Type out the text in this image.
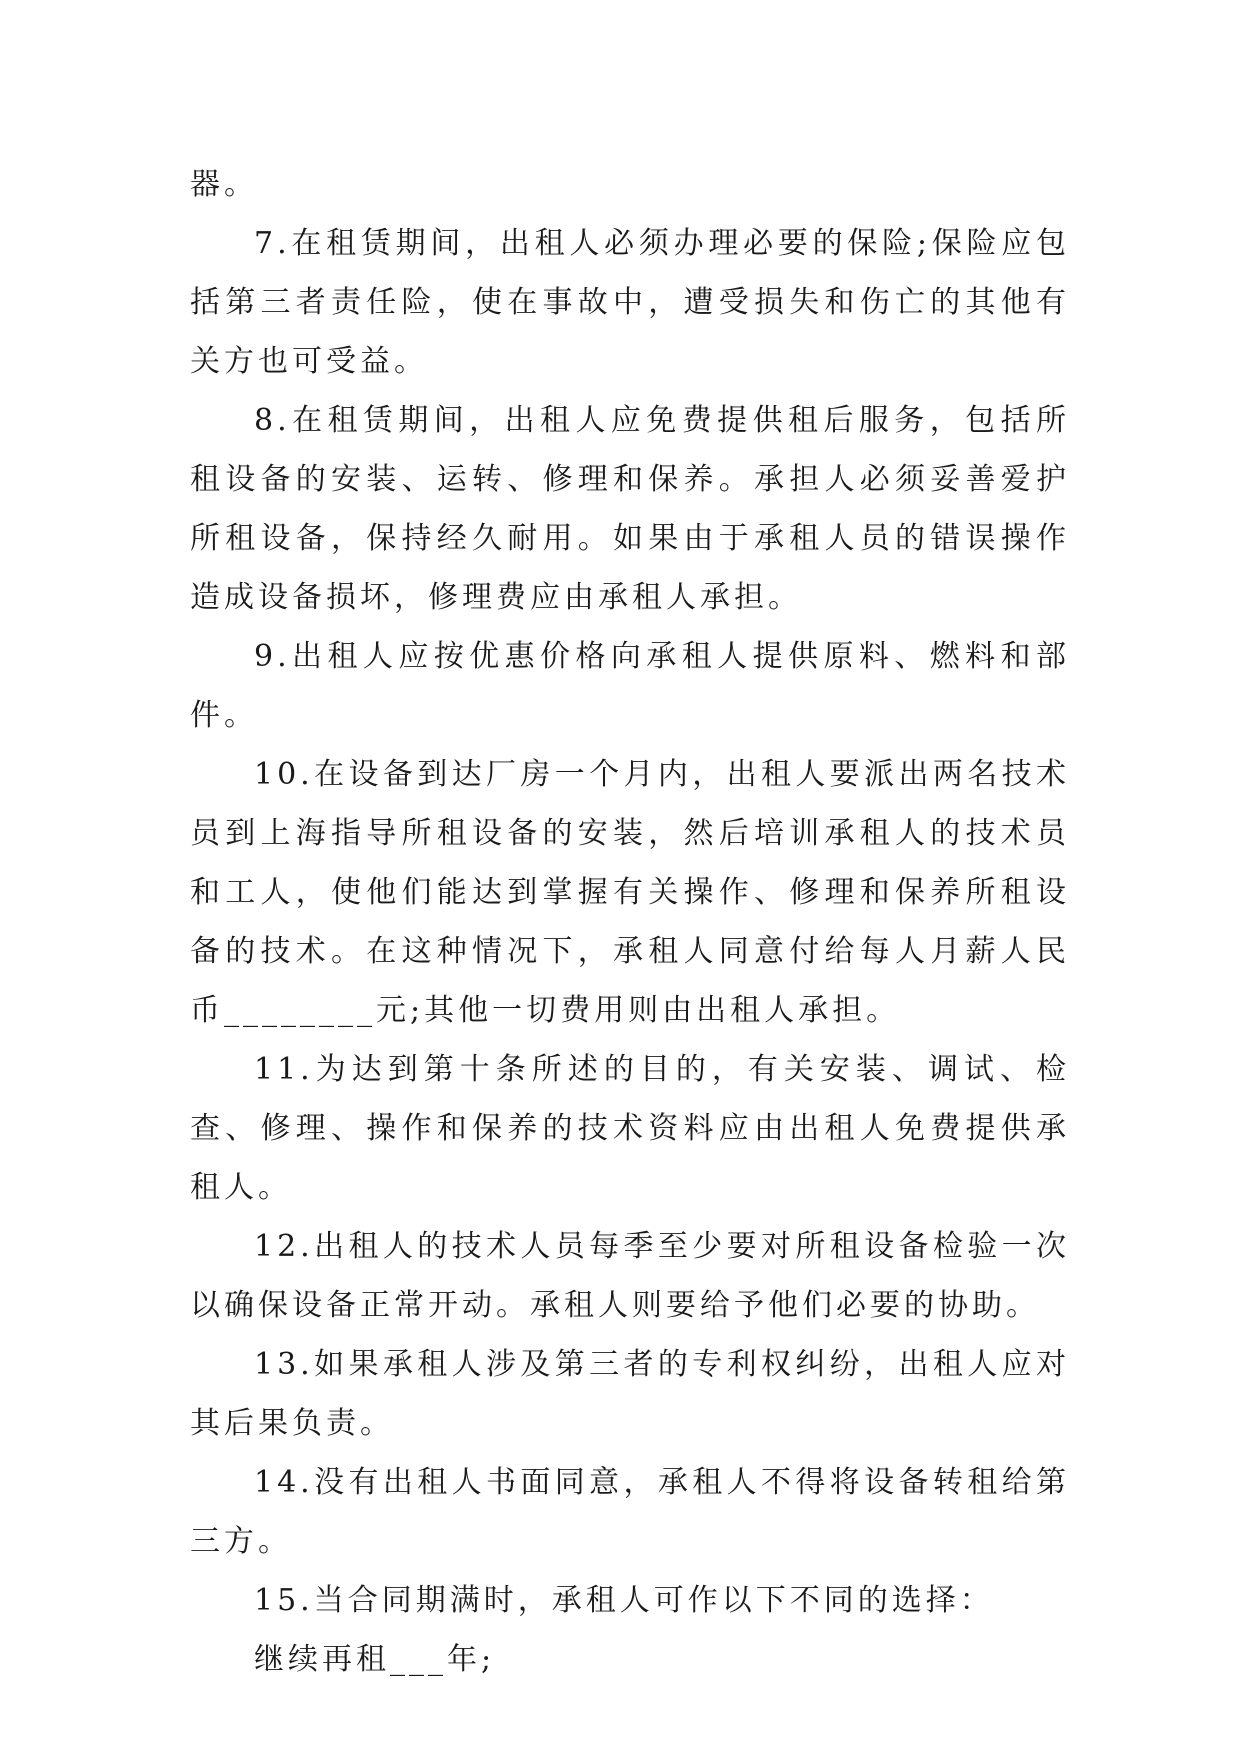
器。

7.在租赁期间，出租人必须办理必要的保险;保险应包括第三者责任险，使在事故中，遭受损失和伤亡的其他有关方也可受益。

8.在租赁期间，出租人应免费提供租后服务，包括所租设备的安装、运转、修理和保养。承担人必须妥善爱护所租设备，保持经久耐用。如果由于承租人员的错误操作造成设备损坏，修理费应由承租人承担。

9.出租人应按优惠价格向承租人提供原料、燃料和部件。

10.在设备到达厂房一个月内，出租人要派出两名技术员到上海指导所租设备的安装，然后培训承租人的技术员和工人，使他们能达到掌握有关操作、修理和保养所租设备的技术。在这种情况下，承租人同意付给每人月薪人民币________元;其他一切费用则由出租人承担。

11.为达到第十条所述的目的，有关安装、调试、检查、修理、操作和保养的技术资料应由出租人免费提供承租人。

12.出租人的技术人员每季至少要对所租设备检验一次以确保设备正常开动。承租人则要给予他们必要的协助。

13.如果承租人涉及第三者的专利权纠纷，出租人应对其后果负责。

14.没有出租人书面同意，承租人不得将设备转租给第三方。

15.当合同期满时，承租人可作以下不同的选择：

继续再租___年;
